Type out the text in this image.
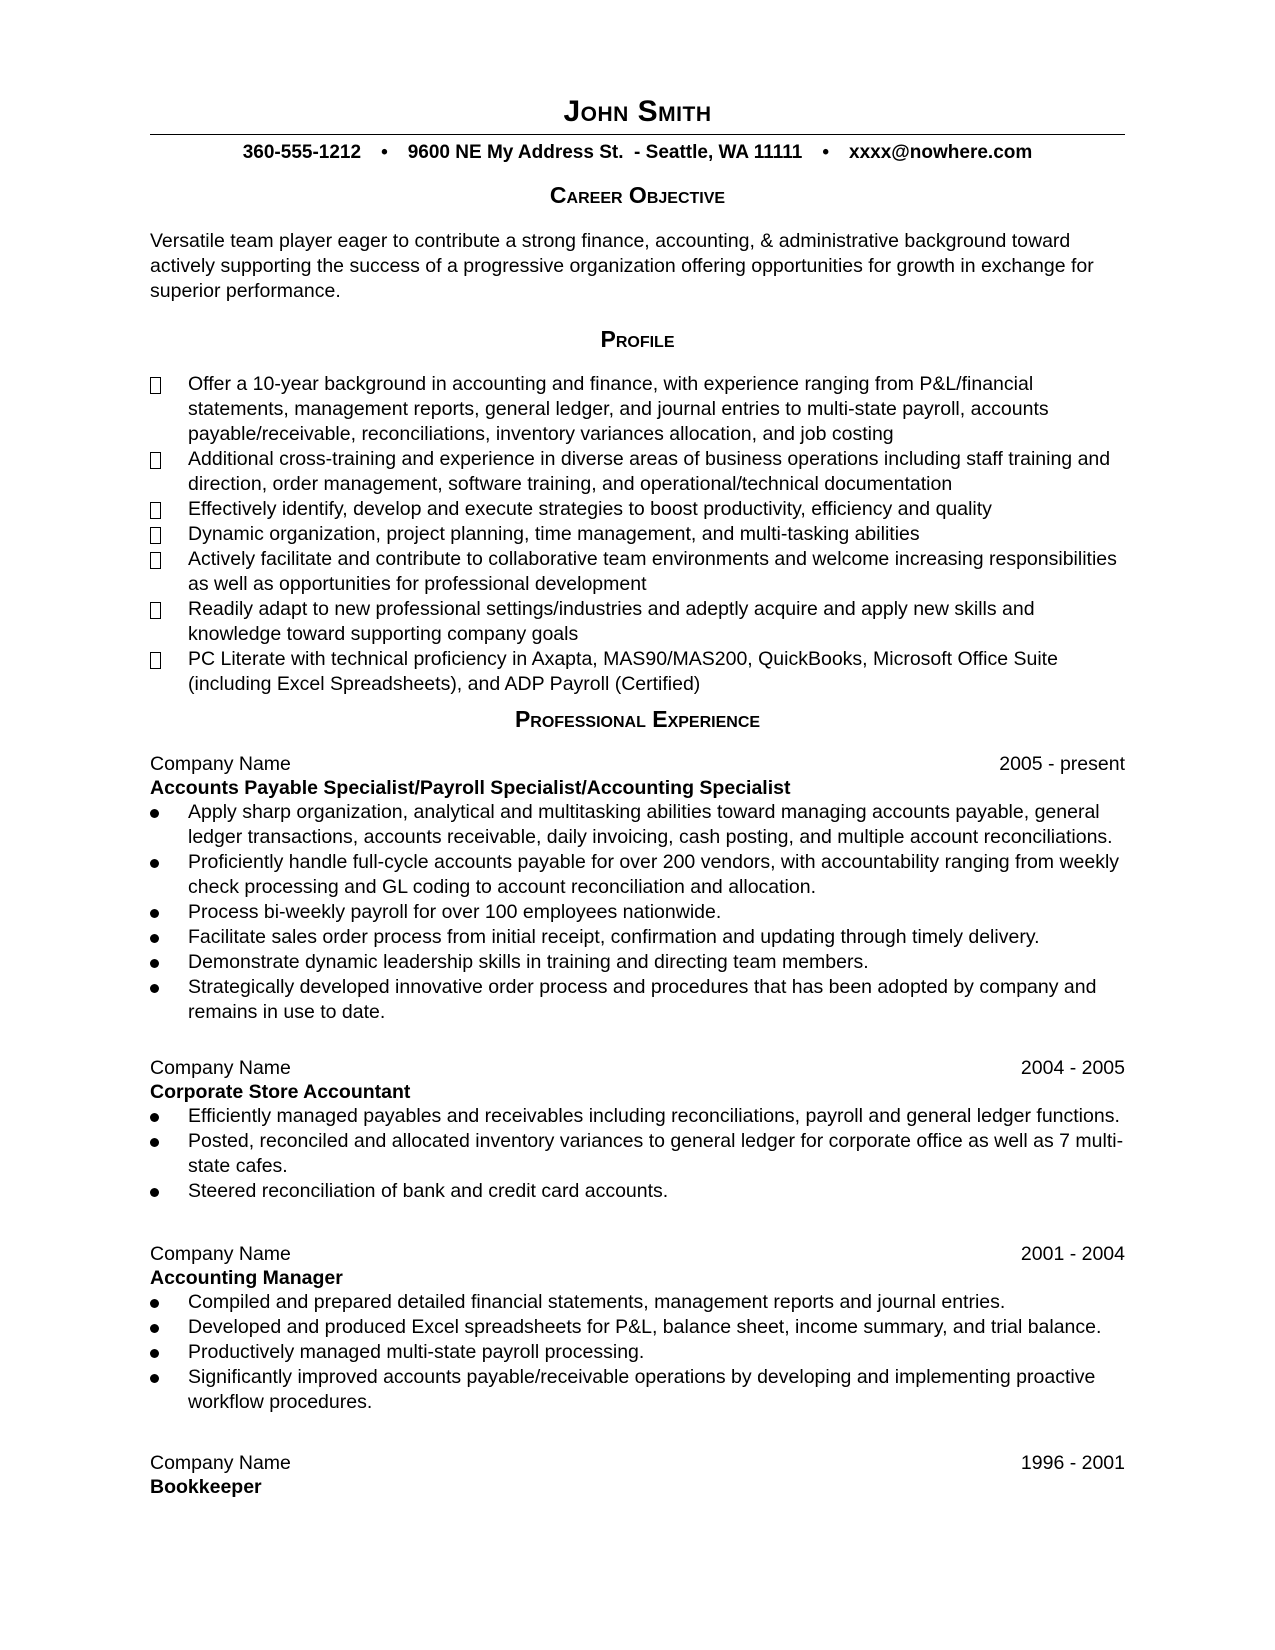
John Smith
360-555-1212 • 9600 NE My Address St.  - Seattle, WA 11111 • xxxx@nowhere.com
Career Objective
Versatile team player eager to contribute a strong finance, accounting, & administrative background toward actively supporting the success of a progressive organization offering opportunities for growth in exchange for superior performance.
Profile
Offer a 10-year background in accounting and finance, with experience ranging from P&L/financial statements, management reports, general ledger, and journal entries to multi-state payroll, accounts payable/receivable, reconciliations, inventory variances allocation, and job costing
Additional cross-training and experience in diverse areas of business operations including staff training and direction, order management, software training, and operational/technical documentation
Effectively identify, develop and execute strategies to boost productivity, efficiency and quality
Dynamic organization, project planning, time management, and multi-tasking abilities
Actively facilitate and contribute to collaborative team environments and welcome increasing responsibilities as well as opportunities for professional development
Readily adapt to new professional settings/industries and adeptly acquire and apply new skills and knowledge toward supporting company goals
PC Literate with technical proficiency in Axapta, MAS90/MAS200, QuickBooks, Microsoft Office Suite (including Excel Spreadsheets), and ADP Payroll (Certified)
Professional Experience
Company Name	2005 - present
Accounts Payable Specialist/Payroll Specialist/Accounting Specialist
Apply sharp organization, analytical and multitasking abilities toward managing accounts payable, general ledger transactions, accounts receivable, daily invoicing, cash posting, and multiple account reconciliations.
Proficiently handle full-cycle accounts payable for over 200 vendors, with accountability ranging from weekly check processing and GL coding to account reconciliation and allocation.
Process bi-weekly payroll for over 100 employees nationwide.
Facilitate sales order process from initial receipt, confirmation and updating through timely delivery.
Demonstrate dynamic leadership skills in training and directing team members.
Strategically developed innovative order process and procedures that has been adopted by company and remains in use to date.
Company Name	2004 - 2005
Corporate Store Accountant
Efficiently managed payables and receivables including reconciliations, payroll and general ledger functions.
Posted, reconciled and allocated inventory variances to general ledger for corporate office as well as 7 multi-state cafes.
Steered reconciliation of bank and credit card accounts.
Company Name	2001 - 2004
Accounting Manager
Compiled and prepared detailed financial statements, management reports and journal entries.
Developed and produced Excel spreadsheets for P&L, balance sheet, income summary, and trial balance.
Productively managed multi-state payroll processing.
Significantly improved accounts payable/receivable operations by developing and implementing proactive workflow procedures.
Company Name	1996 - 2001
Bookkeeper
